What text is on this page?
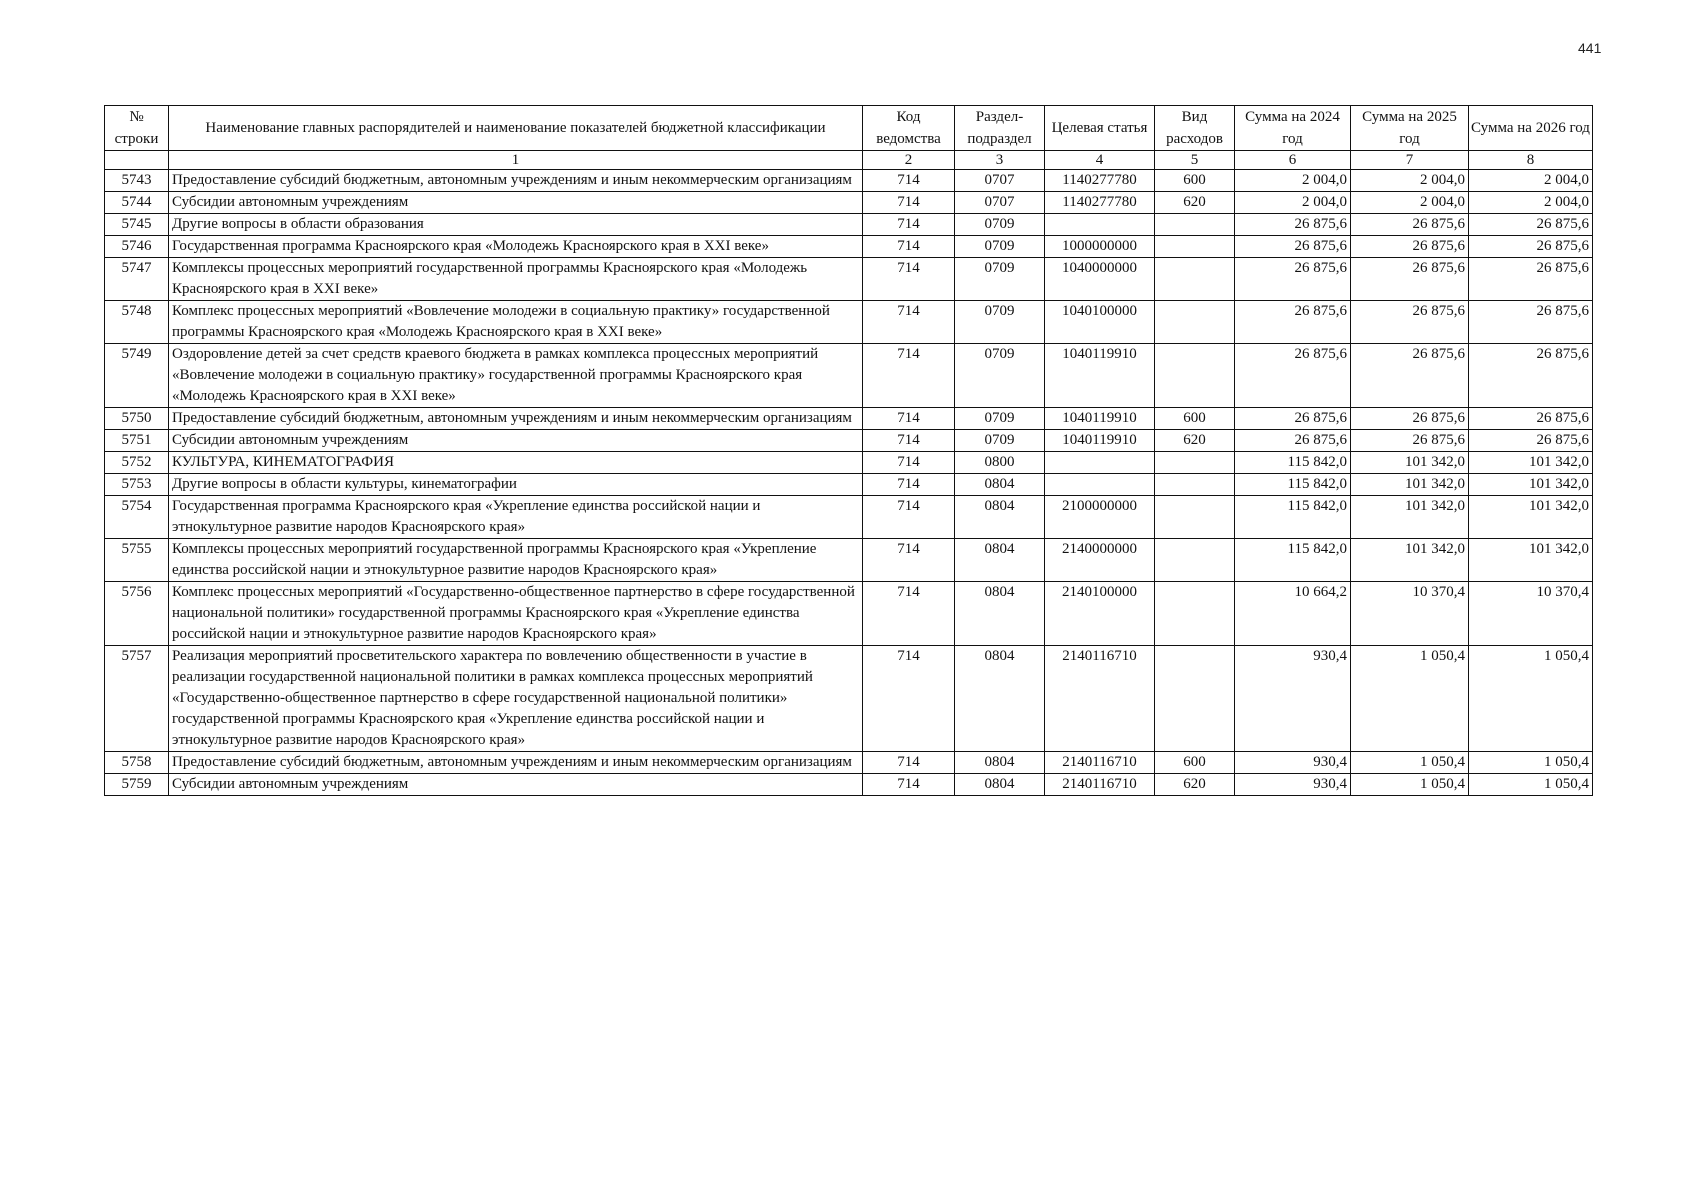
441
№ строки	Наименование главных распорядителей и наименование показателей бюджетной классификации	Код ведомства	Раздел-подраздел	Целевая статья	Вид расходов	Сумма на 2024 год	Сумма на 2025 год	Сумма на 2026 год
	1	2	3	4	5	6	7	8
5743	Предоставление субсидий бюджетным, автономным учреждениям и иным некоммерческим организациям	714	0707	1140277780	600	2 004,0	2 004,0	2 004,0
5744	Субсидии автономным учреждениям	714	0707	1140277780	620	2 004,0	2 004,0	2 004,0
5745	Другие вопросы в области образования	714	0709			26 875,6	26 875,6	26 875,6
5746	Государственная программа Красноярского края «Молодежь Красноярского края в XXI веке»	714	0709	1000000000		26 875,6	26 875,6	26 875,6
5747	Комплексы процессных мероприятий государственной программы Красноярского края «Молодежь Красноярского края в XXI веке»	714	0709	1040000000		26 875,6	26 875,6	26 875,6
5748	Комплекс процессных мероприятий «Вовлечение молодежи в социальную практику» государственной программы Красноярского края «Молодежь Красноярского края в XXI веке»	714	0709	1040100000		26 875,6	26 875,6	26 875,6
5749	Оздоровление детей за счет средств краевого бюджета в рамках комплекса процессных мероприятий «Вовлечение молодежи в социальную практику» государственной программы Красноярского края «Молодежь Красноярского края в XXI веке»	714	0709	1040119910		26 875,6	26 875,6	26 875,6
5750	Предоставление субсидий бюджетным, автономным учреждениям и иным некоммерческим организациям	714	0709	1040119910	600	26 875,6	26 875,6	26 875,6
5751	Субсидии автономным учреждениям	714	0709	1040119910	620	26 875,6	26 875,6	26 875,6
5752	КУЛЬТУРА, КИНЕМАТОГРАФИЯ	714	0800			115 842,0	101 342,0	101 342,0
5753	Другие вопросы в области культуры, кинематографии	714	0804			115 842,0	101 342,0	101 342,0
5754	Государственная программа Красноярского края «Укрепление единства российской нации и этнокультурное развитие народов Красноярского края»	714	0804	2100000000		115 842,0	101 342,0	101 342,0
5755	Комплексы процессных мероприятий государственной программы Красноярского края «Укрепление единства российской нации и этнокультурное развитие народов Красноярского края»	714	0804	2140000000		115 842,0	101 342,0	101 342,0
5756	Комплекс процессных мероприятий «Государственно-общественное партнерство в сфере государственной национальной политики» государственной программы Красноярского края «Укрепление единства российской нации и этнокультурное развитие народов Красноярского края»	714	0804	2140100000		10 664,2	10 370,4	10 370,4
5757	Реализация мероприятий просветительского характера по вовлечению общественности в участие в реализации государственной национальной политики в рамках комплекса процессных мероприятий «Государственно-общественное партнерство в сфере государственной национальной политики» государственной программы Красноярского края «Укрепление единства российской нации и этнокультурное развитие народов Красноярского края»	714	0804	2140116710		930,4	1 050,4	1 050,4
5758	Предоставление субсидий бюджетным, автономным учреждениям и иным некоммерческим организациям	714	0804	2140116710	600	930,4	1 050,4	1 050,4
5759	Субсидии автономным учреждениям	714	0804	2140116710	620	930,4	1 050,4	1 050,4
